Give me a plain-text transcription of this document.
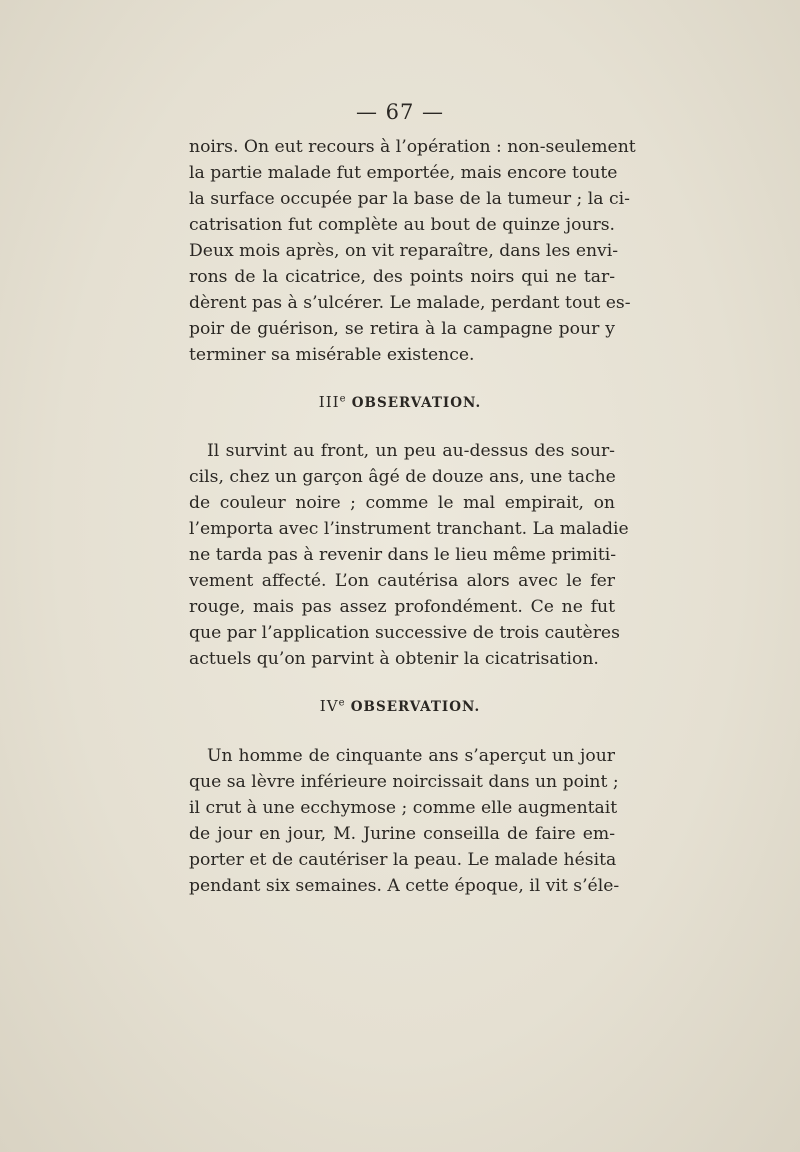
— 67 —
noirs. On eut recours à l’opération : non-seulement
la partie malade fut emportée, mais encore toute
la surface occupée par la base de la tumeur ; la ci-
catrisation fut complète au bout de quinze jours.
Deux mois après, on vit reparaître, dans les envi-
rons de la cicatrice, des points noirs qui ne tar-
dèrent pas à s’ulcérer. Le malade, perdant tout es-
poir de guérison, se retira à la campagne pour y
terminer sa misérable existence.
IIIe OBSERVATION.
Il survint au front, un peu au-dessus des sour-
cils, chez un garçon âgé de douze ans, une tache
de couleur noire ; comme le mal empirait, on
l’emporta avec l’instrument tranchant. La maladie
ne tarda pas à revenir dans le lieu même primiti-
vement affecté. L’on cautérisa alors avec le fer
rouge, mais pas assez profondément. Ce ne fut
que par l’application successive de trois cautères
actuels qu’on parvint à obtenir la cicatrisation.
IVe OBSERVATION.
Un homme de cinquante ans s’aperçut un jour
que sa lèvre inférieure noircissait dans un point ;
il crut à une ecchymose ; comme elle augmentait
de jour en jour, M. Jurine conseilla de faire em-
porter et de cautériser la peau. Le malade hésita
pendant six semaines. A cette époque, il vit s’éle-
